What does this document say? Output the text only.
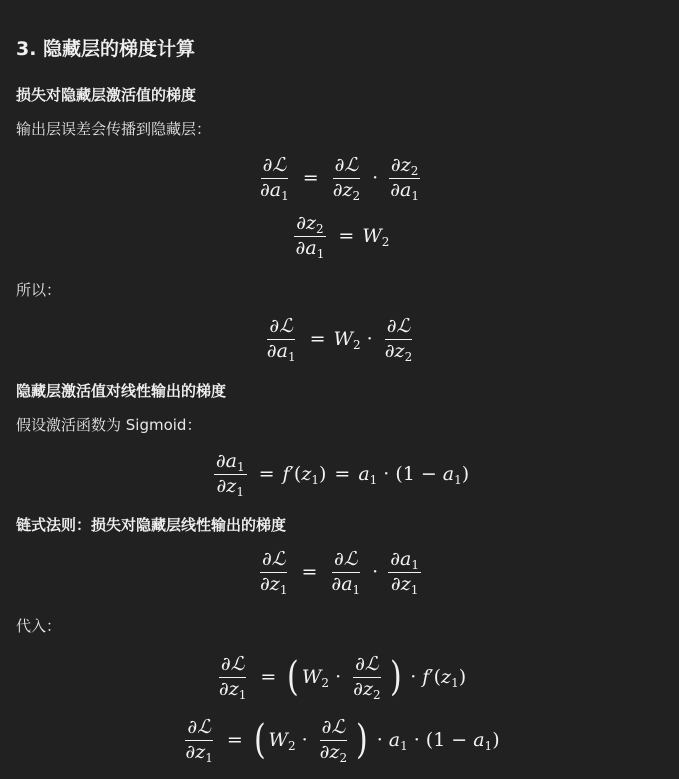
3. 隐藏层的梯度计算
损失对隐藏层激活值的梯度
输出层误差会传播到隐藏层：
$\frac{\text{∂ℒ}}{\partial a_1} = \frac{\text{∂ℒ}}{\partial z_2} \cdot \frac{\partial z_2}{\partial a_1}$
$\frac{\partial z_2}{\partial a_1} = W_2$
所以：
$\frac{\text{∂ℒ}}{\partial a_1} = W_2 \cdot \frac{\text{∂ℒ}}{\partial z_2}$
隐藏层激活值对线性输出的梯度
假设激活函数为 Sigmoid：
$\frac{\partial a_1}{\partial z_1} = f'(z_1) = a_1 \cdot (1 - a_1)$
链式法则：损失对隐藏层线性输出的梯度
$\frac{\text{∂ℒ}}{\partial z_1} = \frac{\text{∂ℒ}}{\partial a_1} \cdot \frac{\partial a_1}{\partial z_1}$
代入：
$\frac{\text{∂ℒ}}{\partial z_1}$ = ( $W_2 \cdot \frac{\text{∂ℒ}}{\partial z_2}$ ) · $f'(z_1)$
$\frac{\text{∂ℒ}}{\partial z_1}$ = ( $W_2 \cdot \frac{\text{∂ℒ}}{\partial z_2}$ ) · $a_1 \cdot (1 - a_1)$
